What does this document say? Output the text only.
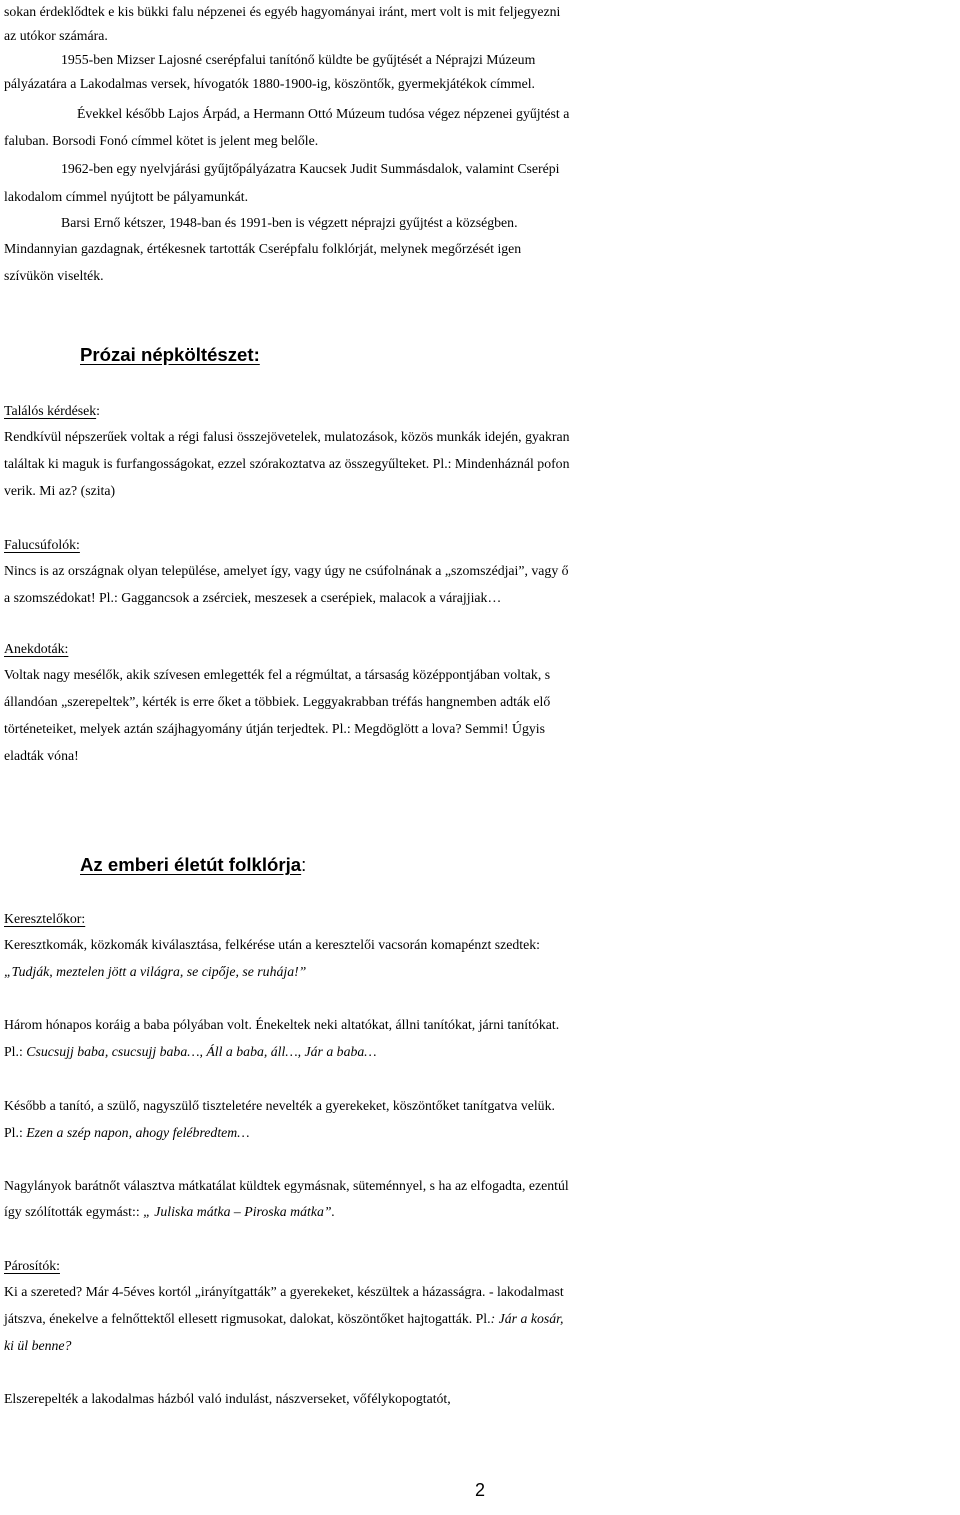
sokan érdeklődtek e kis bükki falu népzenei és egyéb hagyományai iránt, mert volt is mit feljegyezni
az utókor számára.
1955-ben Mizser Lajosné cserépfalui tanítónő küldte be gyűjtését a Néprajzi Múzeum
pályázatára a Lakodalmas versek, hívogatók 1880-1900-ig, köszöntők, gyermekjátékok címmel.
Évekkel később Lajos Árpád, a Hermann Ottó Múzeum tudósa végez népzenei gyűjtést a
faluban. Borsodi Fonó címmel kötet is jelent meg belőle.
1962-ben egy nyelvjárási gyűjtőpályázatra Kaucsek Judit Summásdalok, valamint Cserépi
lakodalom címmel nyújtott be pályamunkát.
Barsi Ernő kétszer, 1948-ban és 1991-ben is végzett néprajzi gyűjtést a községben.
Mindannyian gazdagnak, értékesnek tartották Cserépfalu folklórját, melynek megőrzését igen
szívükön viselték.
Prózai népköltészet:
Találós kérdések:
Rendkívül népszerűek voltak a régi falusi összejövetelek, mulatozások, közös munkák idején, gyakran
találtak ki maguk is furfangosságokat, ezzel szórakoztatva az összegyűlteket. Pl.: Mindenháznál pofon
verik. Mi az? (szita)
Falucsúfolók:
Nincs is az országnak olyan települése, amelyet így, vagy úgy ne csúfolnának a „szomszédjai”, vagy ő
a szomszédokat! Pl.: Gaggancsok a zsérciek, meszesek a cserépiek, malacok a várajjiak…
Anekdoták:
Voltak nagy mesélők, akik szívesen emlegették fel a régmúltat, a társaság középpontjában voltak, s
állandóan „szerepeltek”, kérték is erre őket a többiek. Leggyakrabban tréfás hangnemben adták elő
történeteiket, melyek aztán szájhagyomány útján terjedtek. Pl.: Megdöglött a lova? Semmi! Úgyis
eladták vóna!
Az emberi életút folklórja:
Keresztelőkor:
Keresztkomák, közkomák kiválasztása, felkérése után a keresztelői vacsorán komapénzt szedtek:
„Tudják, meztelen jött a világra, se cipője, se ruhája!”
Három hónapos koráig a baba pólyában volt. Énekeltek neki altatókat, állni tanítókat, járni tanítókat.
Pl.: Csucsujj baba, csucsujj baba…, Áll a baba, áll…, Jár a baba…
Később a tanító, a szülő, nagyszülő tiszteletére nevelték a gyerekeket, köszöntőket tanítgatva velük.
Pl.: Ezen a szép napon, ahogy felébredtem…
Nagylányok barátnőt választva mátkatálat küldtek egymásnak, süteménnyel, s ha az elfogadta, ezentúl
így szólították egymást:: „ Juliska mátka – Piroska mátka”.
Párosítók:
Ki a szereted? Már 4-5éves kortól „irányítgatták” a gyerekeket, készültek a házasságra. - lakodalmast
játszva, énekelve a felnőttektől ellesett rigmusokat, dalokat, köszöntőket hajtogatták. Pl.: Jár a kosár,
ki ül benne?
Elszerepelték a lakodalmas házból való indulást, nászverseket, vőfélykopogtatót,
2
